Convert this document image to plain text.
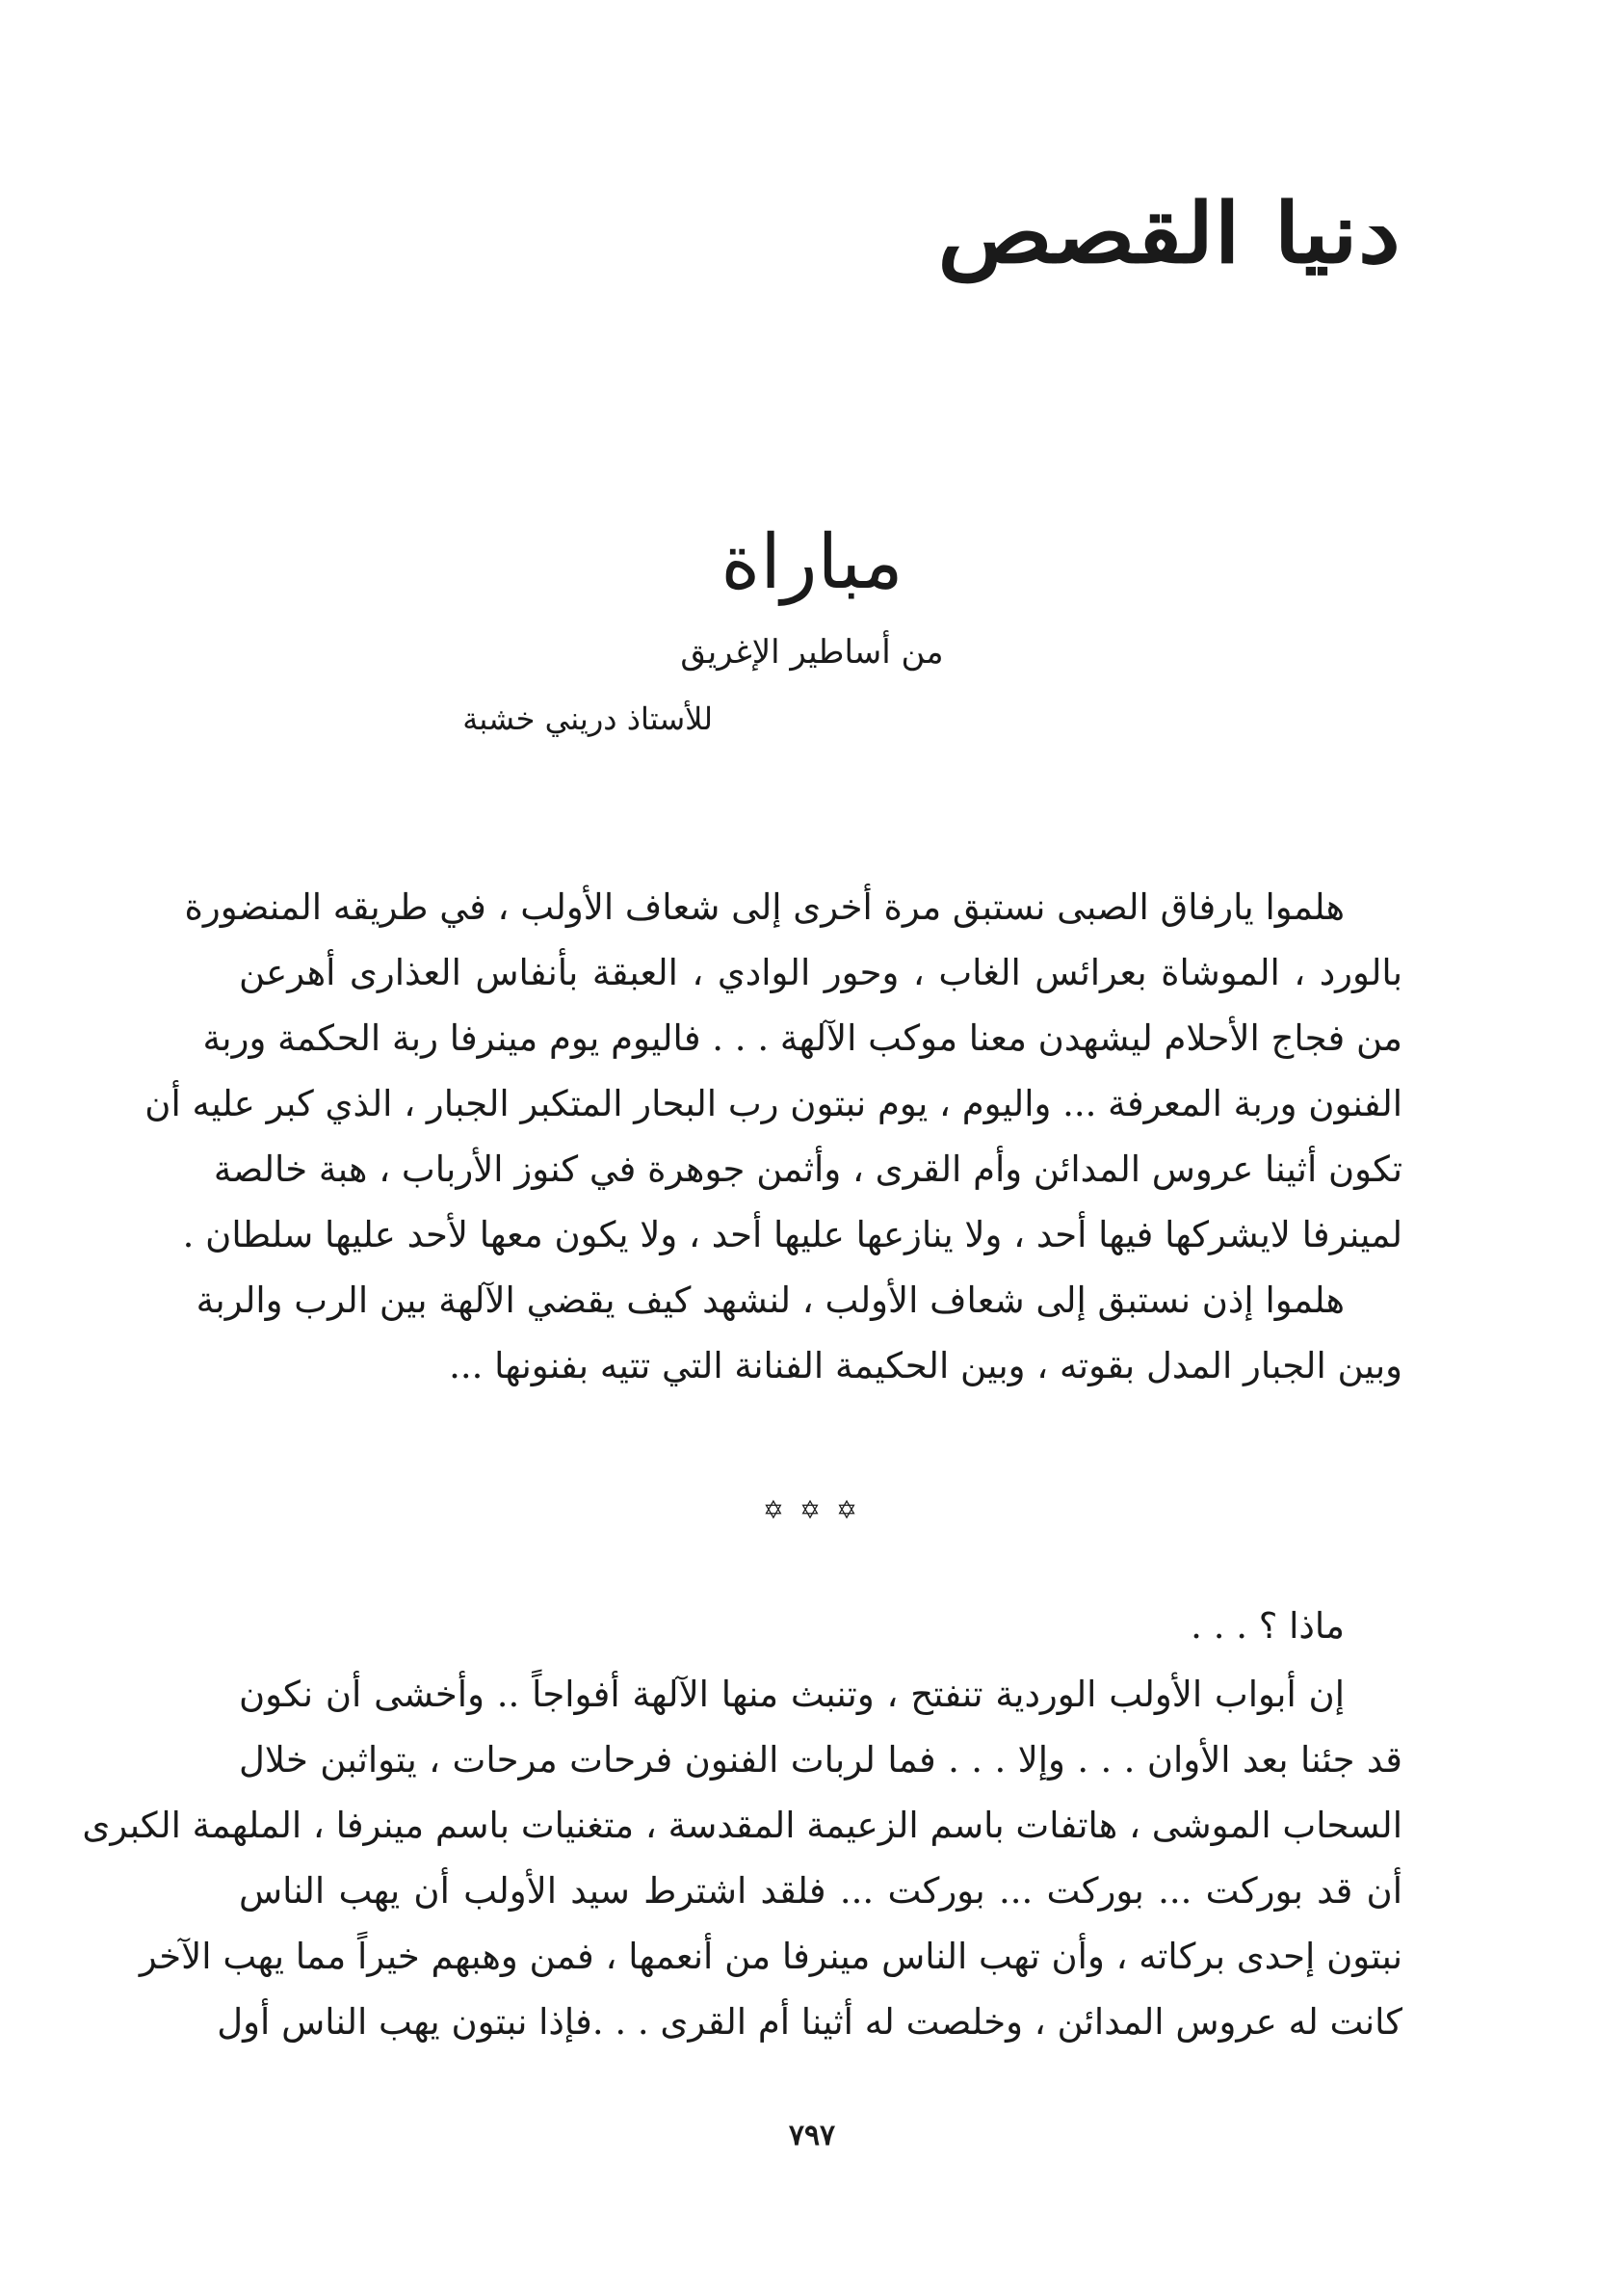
دنيا القصص
مباراة
من أساطير الإغريق
للأستاذ دريني خشبة
هلموا يارفاق الصبى نستبق مرة أخرى إلى شعاف الأولب ، في طريقه المنضورة
بالورد ، الموشاة بعرائس الغاب ، وحور الوادي ، العبقة بأنفاس العذارى أهرعن
من فجاج الأحلام ليشهدن معنا موكب الآلهة . . . فاليوم يوم مينرفا ربة الحكمة وربة
الفنون وربة المعرفة ... واليوم ، يوم نبتون رب البحار المتكبر الجبار ، الذي كبر عليه أن
تكون أثينا عروس المدائن وأم القرى ، وأثمن جوهرة في كنوز الأرباب ، هبة خالصة
لمينرفا لايشركها فيها أحد ، ولا ينازعها عليها أحد ، ولا يكون معها لأحد عليها سلطان .
هلموا إذن نستبق إلى شعاف الأولب ، لنشهد كيف يقضي الآلهة بين الرب والربة
وبين الجبار المدل بقوته ، وبين الحكيمة الفنانة التي تتيه بفنونها ...
✡ ✡ ✡
ماذا ؟ . . .
إن أبواب الأولب الوردية تنفتح ، وتنبث منها الآلهة أفواجاً .. وأخشى أن نكون
قد جئنا بعد الأوان . . . وإلا . . . فما لربات الفنون فرحات مرحات ، يتواثبن خلال
السحاب الموشى ، هاتفات باسم الزعيمة المقدسة ، متغنيات باسم مينرفا ، الملهمة الكبرى
أن قد بوركت ... بوركت ... بوركت ... فلقد اشترط سيد الأولب أن يهب الناس
نبتون إحدى بركاته ، وأن تهب الناس مينرفا من أنعمها ، فمن وهبهم خيراً مما يهب الآخر
كانت له عروس المدائن ، وخلصت له أثينا أم القرى . . .فإذا نبتون يهب الناس أول
٧٩٧
